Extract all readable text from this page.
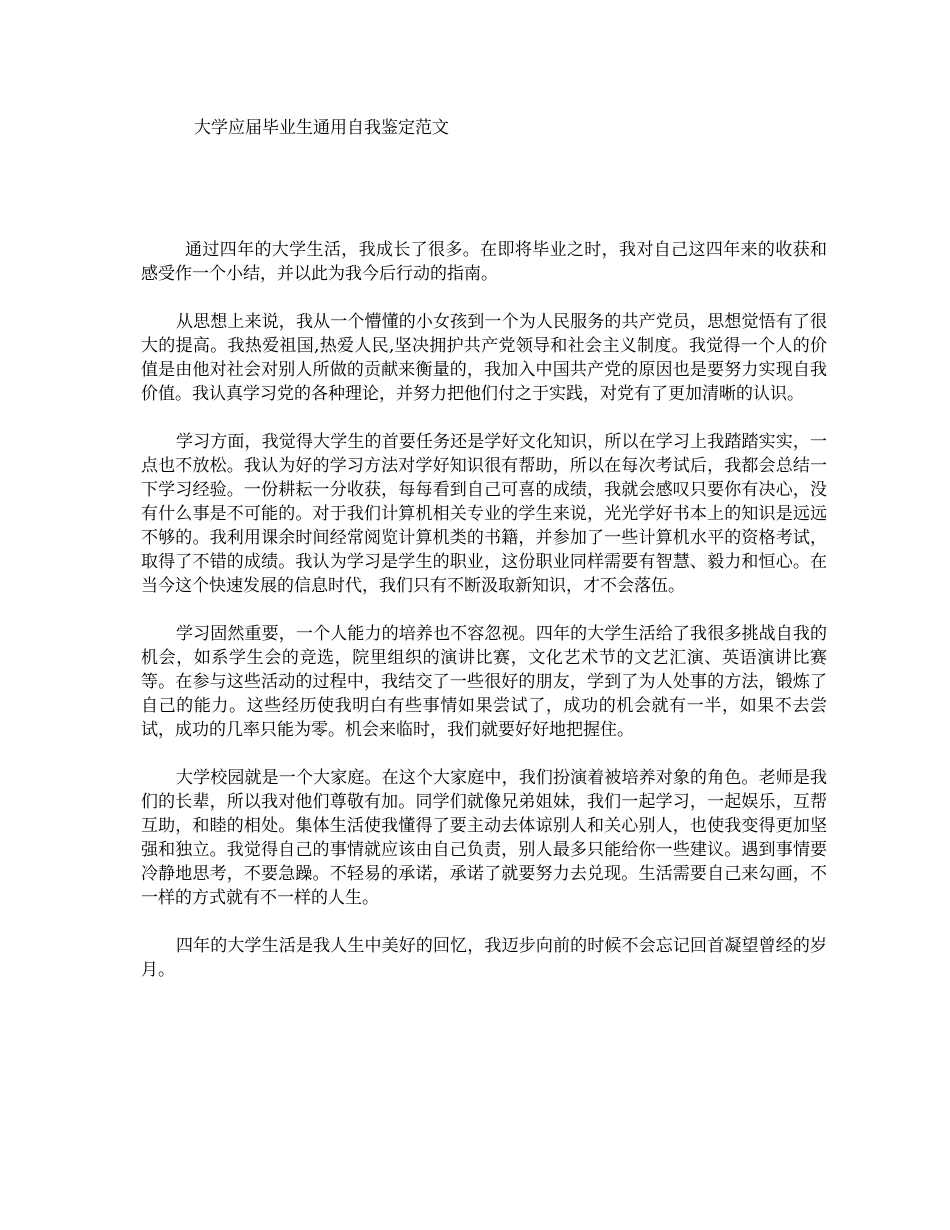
大学应届毕业生通用自我鉴定范文

通过四年的大学生活，我成长了很多。在即将毕业之时，我对自己这四年来的收获和感受作一个小结，并以此为我今后行动的指南。

从思想上来说，我从一个懵懂的小女孩到一个为人民服务的共产党员，思想觉悟有了很大的提高。我热爱祖国,热爱人民,坚决拥护共产党领导和社会主义制度。我觉得一个人的价值是由他对社会对别人所做的贡献来衡量的，我加入中国共产党的原因也是要努力实现自我价值。我认真学习党的各种理论，并努力把他们付之于实践，对党有了更加清晰的认识。

学习方面，我觉得大学生的首要任务还是学好文化知识，所以在学习上我踏踏实实，一点也不放松。我认为好的学习方法对学好知识很有帮助，所以在每次考试后，我都会总结一下学习经验。一份耕耘一分收获，每每看到自己可喜的成绩，我就会感叹只要你有决心，没有什么事是不可能的。对于我们计算机相关专业的学生来说，光光学好书本上的知识是远远不够的。我利用课余时间经常阅览计算机类的书籍，并参加了一些计算机水平的资格考试，取得了不错的成绩。我认为学习是学生的职业，这份职业同样需要有智慧、毅力和恒心。在当今这个快速发展的信息时代，我们只有不断汲取新知识，才不会落伍。

学习固然重要，一个人能力的培养也不容忽视。四年的大学生活给了我很多挑战自我的机会，如系学生会的竞选，院里组织的演讲比赛，文化艺术节的文艺汇演、英语演讲比赛等。在参与这些活动的过程中，我结交了一些很好的朋友，学到了为人处事的方法，锻炼了自己的能力。这些经历使我明白有些事情如果尝试了，成功的机会就有一半，如果不去尝试，成功的几率只能为零。机会来临时，我们就要好好地把握住。

大学校园就是一个大家庭。在这个大家庭中，我们扮演着被培养对象的角色。老师是我们的长辈，所以我对他们尊敬有加。同学们就像兄弟姐妹，我们一起学习，一起娱乐，互帮互助，和睦的相处。集体生活使我懂得了要主动去体谅别人和关心别人，也使我变得更加坚强和独立。我觉得自己的事情就应该由自己负责，别人最多只能给你一些建议。遇到事情要冷静地思考，不要急躁。不轻易的承诺，承诺了就要努力去兑现。生活需要自己来勾画，不一样的方式就有不一样的人生。

四年的大学生活是我人生中美好的回忆，我迈步向前的时候不会忘记回首凝望曾经的岁月。
